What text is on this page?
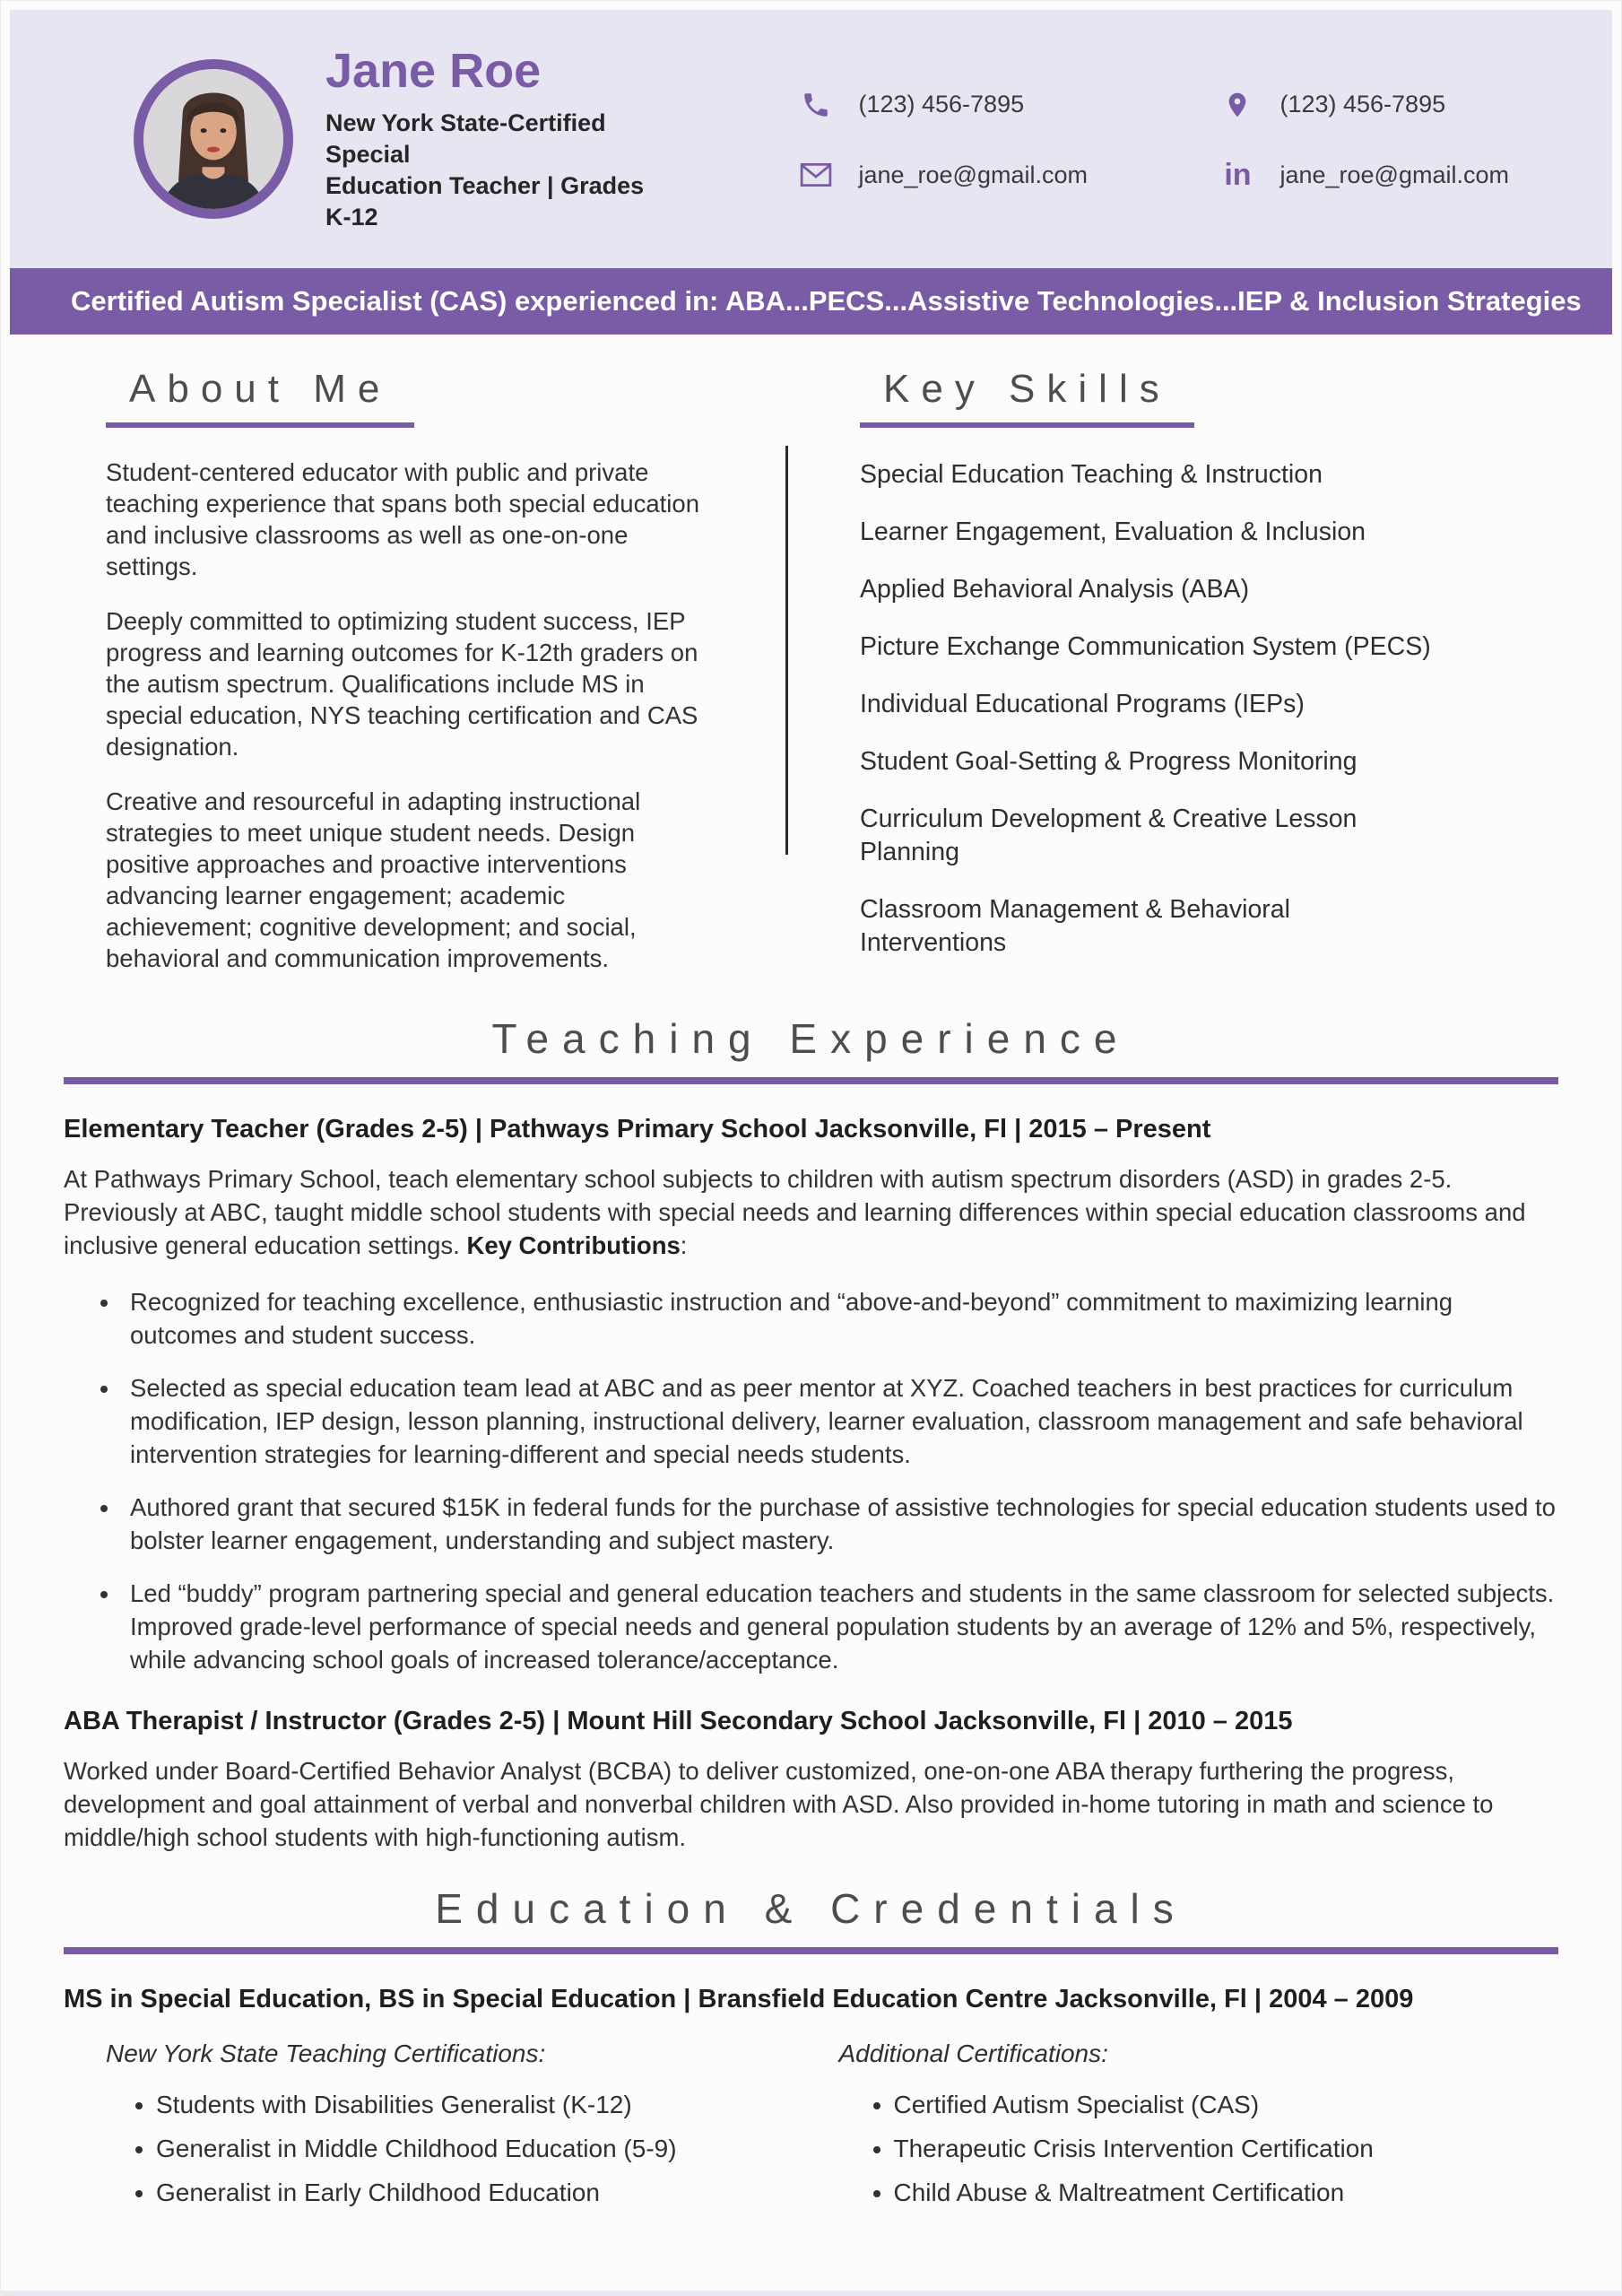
Jane Roe
New York State-Certified Special
Education Teacher | Grades K-12
(123) 456-7895	(123) 456-7895
jane_roe@gmail.com	in jane_roe@gmail.com
Certified Autism Specialist (CAS) experienced in: ABA...PECS...Assistive Technologies...IEP & Inclusion Strategies
About Me

Student-centered educator with public and private teaching experience that spans both special education and inclusive classrooms as well as one-on-one settings.

Deeply committed to optimizing student success, IEP progress and learning outcomes for K-12th graders on the autism spectrum. Qualifications include MS in special education, NYS teaching certification and CAS designation.

Creative and resourceful in adapting instructional strategies to meet unique student needs. Design positive approaches and proactive interventions advancing learner engagement; academic achievement; cognitive development; and social, behavioral and communication improvements.

Key Skills
Special Education Teaching & Instruction
Learner Engagement, Evaluation & Inclusion
Applied Behavioral Analysis (ABA)
Picture Exchange Communication System (PECS)
Individual Educational Programs (IEPs)
Student Goal-Setting & Progress Monitoring
Curriculum Development & Creative Lesson Planning
Classroom Management & Behavioral Interventions
Teaching Experience
Elementary Teacher (Grades 2-5) | Pathways Primary School Jacksonville, Fl | 2015 – Present
At Pathways Primary School, teach elementary school subjects to children with autism spectrum disorders (ASD) in grades 2-5. Previously at ABC, taught middle school students with special needs and learning differences within special education classrooms and inclusive general education settings. Key Contributions:
• Recognized for teaching excellence, enthusiastic instruction and “above-and-beyond” commitment to maximizing learning outcomes and student success.
• Selected as special education team lead at ABC and as peer mentor at XYZ. Coached teachers in best practices for curriculum modification, IEP design, lesson planning, instructional delivery, learner evaluation, classroom management and safe behavioral intervention strategies for learning-different and special needs students.
• Authored grant that secured $15K in federal funds for the purchase of assistive technologies for special education students used to bolster learner engagement, understanding and subject mastery.
• Led “buddy” program partnering special and general education teachers and students in the same classroom for selected subjects. Improved grade-level performance of special needs and general population students by an average of 12% and 5%, respectively, while advancing school goals of increased tolerance/acceptance.
ABA Therapist / Instructor (Grades 2-5) | Mount Hill Secondary School Jacksonville, Fl | 2010 – 2015
Worked under Board-Certified Behavior Analyst (BCBA) to deliver customized, one-on-one ABA therapy furthering the progress, development and goal attainment of verbal and nonverbal children with ASD. Also provided in-home tutoring in math and science to middle/high school students with high-functioning autism.
Education & Credentials
MS in Special Education, BS in Special Education | Bransfield Education Centre Jacksonville, Fl | 2004 – 2009
New York State Teaching Certifications:
• Students with Disabilities Generalist (K-12)
• Generalist in Middle Childhood Education (5-9)
• Generalist in Early Childhood Education
Additional Certifications:
• Certified Autism Specialist (CAS)
• Therapeutic Crisis Intervention Certification
• Child Abuse & Maltreatment Certification
